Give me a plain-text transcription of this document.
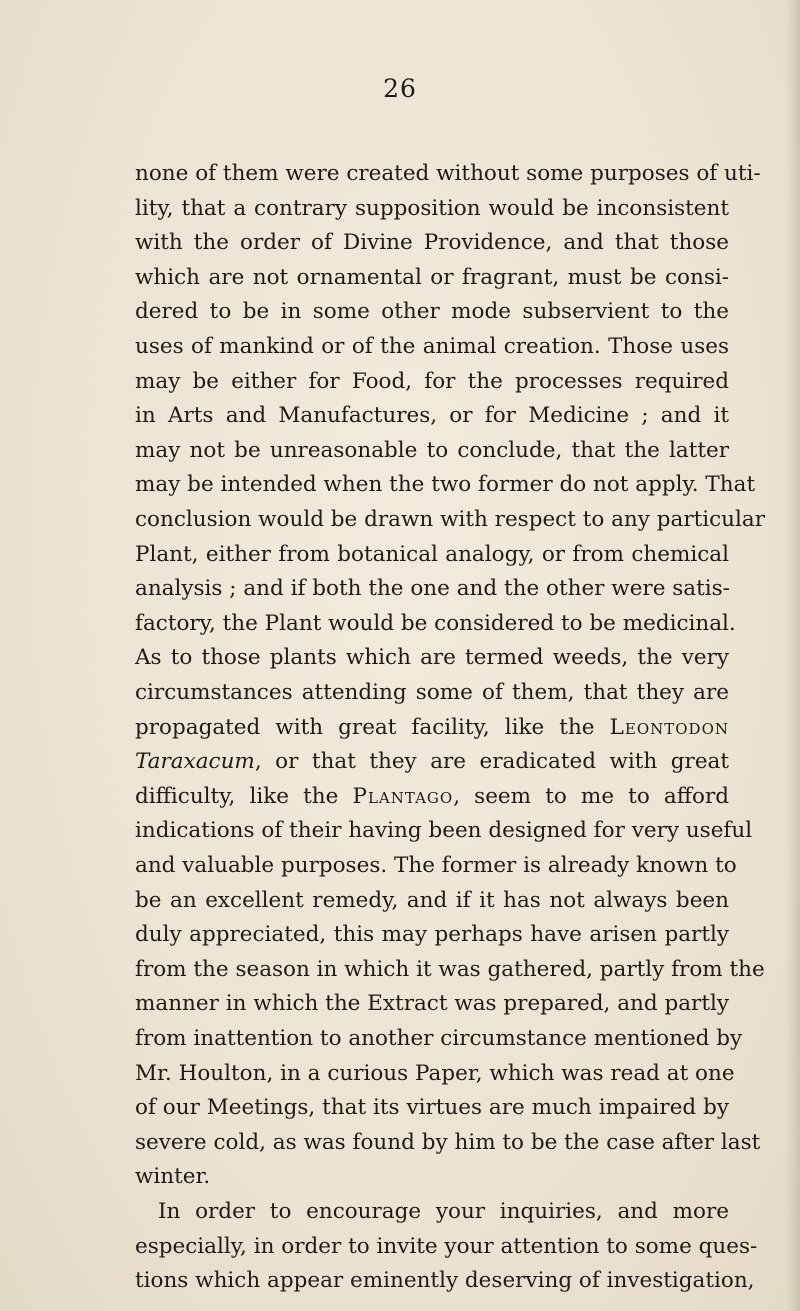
26
none of them were created without some purposes of uti-
lity, that a contrary supposition would be inconsistent
with the order of Divine Providence, and that those
which are not ornamental or fragrant, must be consi-
dered to be in some other mode subservient to the
uses of mankind or of the animal creation. Those uses
may be either for Food, for the processes required
in Arts and Manufactures, or for Medicine ; and it
may not be unreasonable to conclude, that the latter
may be intended when the two former do not apply. That
conclusion would be drawn with respect to any particular
Plant, either from botanical analogy, or from chemical
analysis ; and if both the one and the other were satis-
factory, the Plant would be considered to be medicinal.
As to those plants which are termed weeds, the very
circumstances attending some of them, that they are
propagated with great facility, like the Leontodon
Taraxacum, or that they are eradicated with great
difficulty, like the Plantago, seem to me to afford
indications of their having been designed for very useful
and valuable purposes. The former is already known to
be an excellent remedy, and if it has not always been
duly appreciated, this may perhaps have arisen partly
from the season in which it was gathered, partly from the
manner in which the Extract was prepared, and partly
from inattention to another circumstance mentioned by
Mr. Houlton, in a curious Paper, which was read at one
of our Meetings, that its virtues are much impaired by
severe cold, as was found by him to be the case after last
winter.
In order to encourage your inquiries, and more
especially, in order to invite your attention to some ques-
tions which appear eminently deserving of investigation,
